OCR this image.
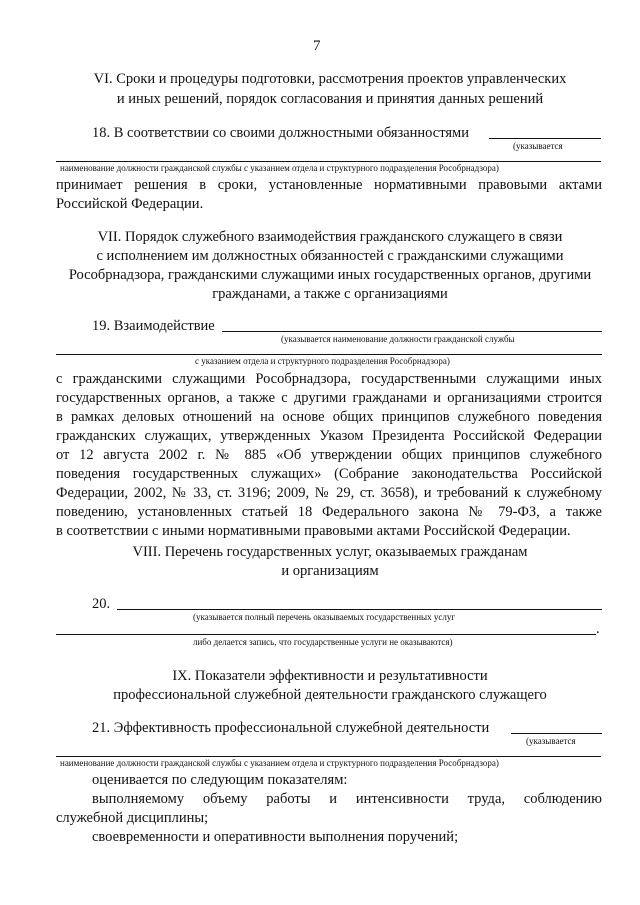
7
VI. Сроки и процедуры подготовки, рассмотрения проектов управленческих
и иных решений, порядок согласования и принятия данных решений
18. В соответствии со своими должностными обязанностями
(указывается
наименование должности гражданской службы с указанием отдела и структурного подразделения Рособрнадзора)
принимает решения в сроки, установленные нормативными правовыми актами
Российской Федерации.
VII. Порядок служебного взаимодействия гражданского служащего в связи
с исполнением им должностных обязанностей с гражданскими служащими
Рособрнадзора, гражданскими служащими иных государственных органов, другими
гражданами, а также с организациями
19. Взаимодействие
(указывается наименование должности гражданской службы
с указанием отдела и структурного подразделения Рособрнадзора)
с гражданскими служащими Рособрнадзора, государственными служащими иных
государственных органов, а также с другими гражданами и организациями строится
в рамках деловых отношений на основе общих принципов служебного поведения
гражданских служащих, утвержденных Указом Президента Российской Федерации
от 12 августа 2002 г. № 885 «Об утверждении общих принципов служебного
поведения государственных служащих» (Собрание законодательства Российской
Федерации, 2002, № 33, ст. 3196; 2009, № 29, ст. 3658), и требований к служебному
поведению, установленных статьей 18 Федерального закона № 79-ФЗ, а также
в соответствии с иными нормативными правовыми актами Российской Федерации.
VIII. Перечень государственных услуг, оказываемых гражданам
и организациям
20.
(указывается полный перечень оказываемых государственных услуг
.
либо делается запись, что государственные услуги не оказываются)
IX. Показатели эффективности и результативности
профессиональной служебной деятельности гражданского служащего
21. Эффективность профессиональной служебной деятельности
(указывается
наименование должности гражданской службы с указанием отдела и структурного подразделения Рособрнадзора)
оценивается по следующим показателям:
выполняемому объему работы и интенсивности труда, соблюдению
служебной дисциплины;
своевременности и оперативности выполнения поручений;
